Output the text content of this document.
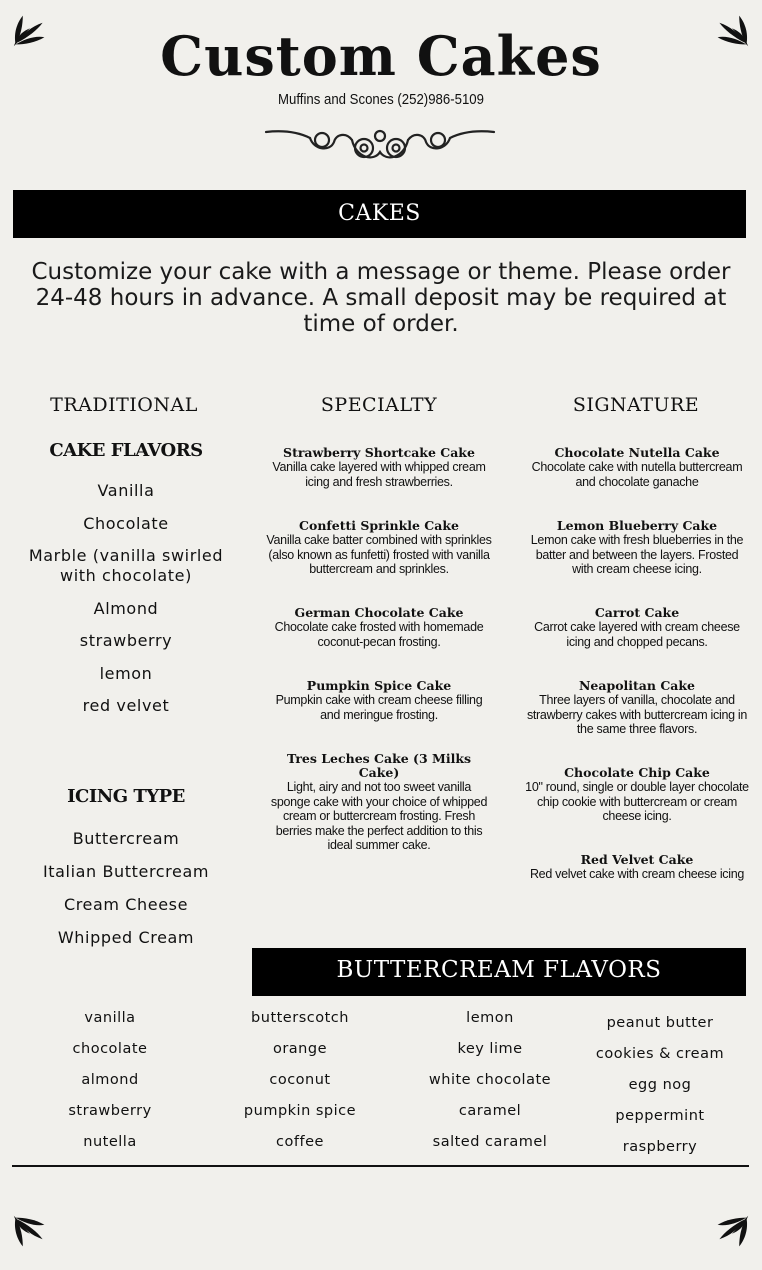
Custom Cakes
Muffins and Scones (252)986-5109
CAKES
Customize your cake with a message or theme. Please order 24-48 hours in advance. A small deposit may be required at time of order.
TRADITIONAL	SPECIALTY	SIGNATURE
CAKE FLAVORS
Vanilla
Chocolate
Marble (vanilla swirled with chocolate)
Almond
strawberry
lemon
red velvet
ICING TYPE
Buttercream
Italian Buttercream
Cream Cheese
Whipped Cream
Strawberry Shortcake Cake
Vanilla cake layered with whipped cream icing and fresh strawberries.
Confetti Sprinkle Cake
Vanilla cake batter combined with sprinkles (also known as funfetti) frosted with vanilla buttercream and sprinkles.
German Chocolate Cake
Chocolate cake frosted with homemade coconut-pecan frosting.
Pumpkin Spice Cake
Pumpkin cake with cream cheese filling and meringue frosting.
Tres Leches Cake (3 Milks Cake)
Light, airy and not too sweet vanilla sponge cake with your choice of whipped cream or buttercream frosting. Fresh berries make the perfect addition to this ideal summer cake.
Chocolate Nutella Cake
Chocolate cake with nutella buttercream and chocolate ganache
Lemon Blueberry Cake
Lemon cake with fresh blueberries in the batter and between the layers. Frosted with cream cheese icing.
Carrot Cake
Carrot cake layered with cream cheese icing and chopped pecans.
Neapolitan Cake
Three layers of vanilla, chocolate and strawberry cakes with buttercream icing in the same three flavors.
Chocolate Chip Cake
10" round, single or double layer chocolate chip cookie with buttercream or cream cheese icing.
Red Velvet Cake
Red velvet cake with cream cheese icing
BUTTERCREAM FLAVORS
vanilla
chocolate
almond
strawberry
nutella
butterscotch
orange
coconut
pumpkin spice
coffee
lemon
key lime
white chocolate
caramel
salted caramel
peanut butter
cookies & cream
egg nog
peppermint
raspberry
